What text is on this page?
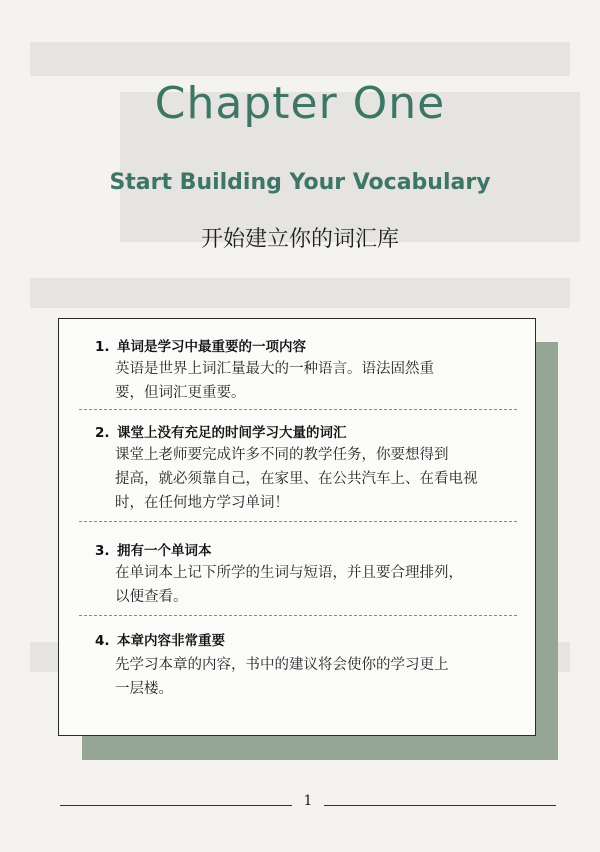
Chapter One
Start Building Your Vocabulary
开始建立你的词汇库
1. 单词是学习中最重要的一项内容
英语是世界上词汇量最大的一种语言。语法固然重
要，但词汇更重要。
2. 课堂上没有充足的时间学习大量的词汇
课堂上老师要完成许多不同的教学任务，你要想得到
提高，就必须靠自己，在家里、在公共汽车上、在看电视
时，在任何地方学习单词！
3. 拥有一个单词本
在单词本上记下所学的生词与短语，并且要合理排列，
以便查看。
4. 本章内容非常重要
先学习本章的内容，书中的建议将会使你的学习更上
一层楼。
1
